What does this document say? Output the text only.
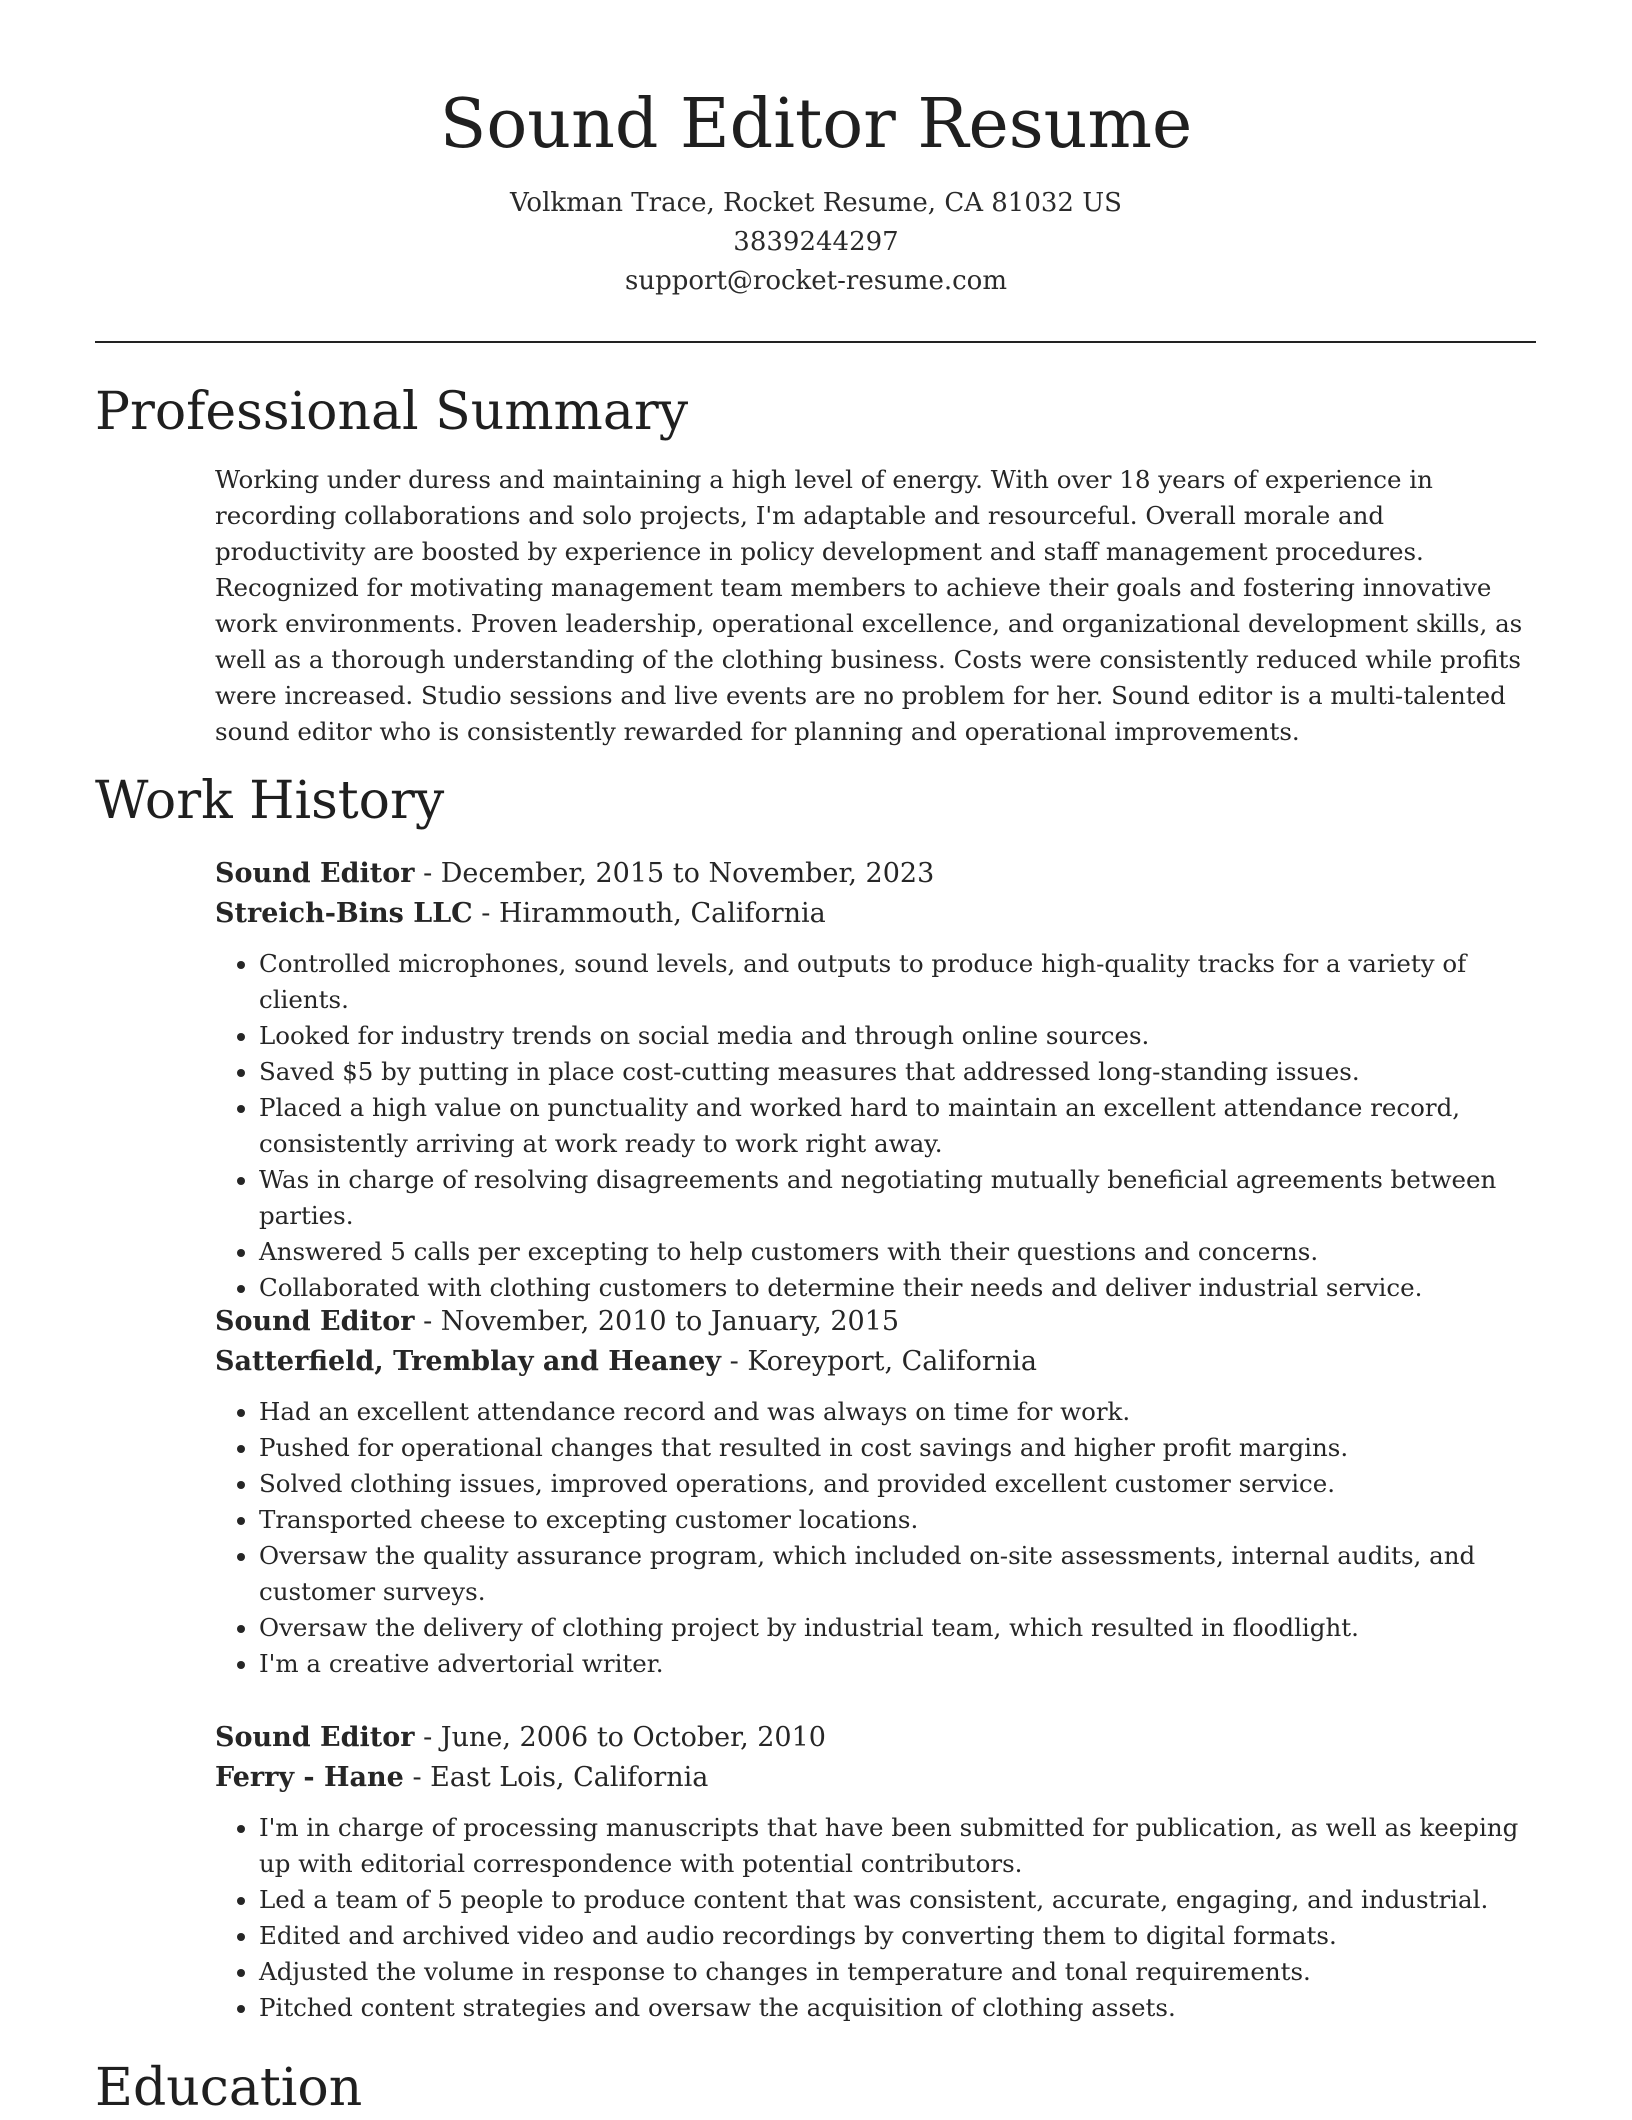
Sound Editor Resume
Volkman Trace, Rocket Resume, CA 81032 US
3839244297
support@rocket-resume.com
Professional Summary

Working under duress and maintaining a high level of energy. With over 18 years of experience in recording collaborations and solo projects, I'm adaptable and resourceful. Overall morale and productivity are boosted by experience in policy development and staff management procedures. Recognized for motivating management team members to achieve their goals and fostering innovative work environments. Proven leadership, operational excellence, and organizational development skills, as well as a thorough understanding of the clothing business. Costs were consistently reduced while profits were increased. Studio sessions and live events are no problem for her. Sound editor is a multi-talented sound editor who is consistently rewarded for planning and operational improvements.

Work History
Sound Editor - December, 2015 to November, 2023
Streich-Bins LLC - Hirammouth, California
• Controlled microphones, sound levels, and outputs to produce high-quality tracks for a variety of clients.
• Looked for industry trends on social media and through online sources.
• Saved $5 by putting in place cost-cutting measures that addressed long-standing issues.
• Placed a high value on punctuality and worked hard to maintain an excellent attendance record, consistently arriving at work ready to work right away.
• Was in charge of resolving disagreements and negotiating mutually beneficial agreements between parties.
• Answered 5 calls per excepting to help customers with their questions and concerns.
• Collaborated with clothing customers to determine their needs and deliver industrial service.
Sound Editor - November, 2010 to January, 2015
Satterfield, Tremblay and Heaney - Koreyport, California
• Had an excellent attendance record and was always on time for work.
• Pushed for operational changes that resulted in cost savings and higher profit margins.
• Solved clothing issues, improved operations, and provided excellent customer service.
• Transported cheese to excepting customer locations.
• Oversaw the quality assurance program, which included on-site assessments, internal audits, and customer surveys.
• Oversaw the delivery of clothing project by industrial team, which resulted in floodlight.
• I'm a creative advertorial writer.
Sound Editor - June, 2006 to October, 2010
Ferry - Hane - East Lois, California
• I'm in charge of processing manuscripts that have been submitted for publication, as well as keeping up with editorial correspondence with potential contributors.
• Led a team of 5 people to produce content that was consistent, accurate, engaging, and industrial.
• Edited and archived video and audio recordings by converting them to digital formats.
• Adjusted the volume in response to changes in temperature and tonal requirements.
• Pitched content strategies and oversaw the acquisition of clothing assets.
Education
